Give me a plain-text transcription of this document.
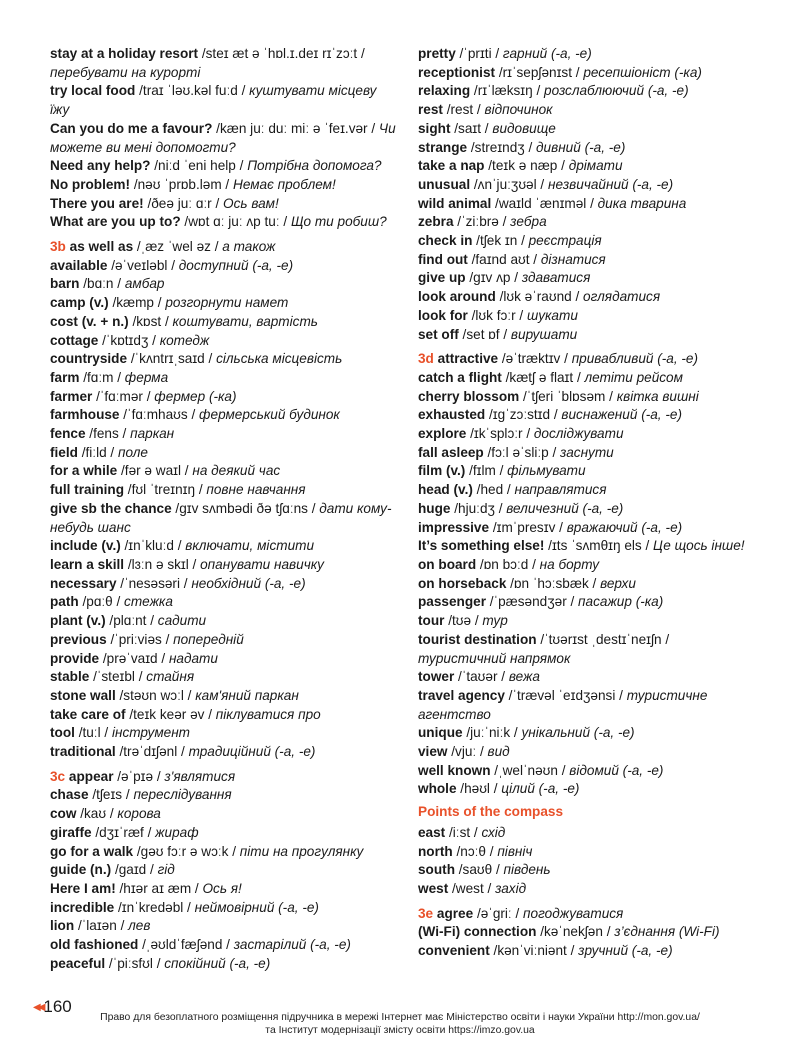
stay at a holiday resort /steɪ æt ə ˈhɒl.ɪ.deɪ rɪˈzɔːt / перебувати на курорті

try local food /traɪ ˈləʊ.kəl fuːd / куштувати місцеву їжу

Can you do me a favour? /kæn juː duː miː ə ˈfeɪ.vər / Чи можете ви мені допомогти?

Need any help? /niːd ˈeni help / Потрібна допомога?

No problem! /nəʊ ˈprɒb.ləm / Немає проблем!

There you are! /ðeə juː ɑːr / Ось вам!

What are you up to? /wɒt ɑː juː ʌp tuː / Що ти робиш?

3b as well as /ˌæz ˈwel əz / а також

available /əˈveɪləbl / доступний (-а, -е)

barn /bɑːn / амбар

camp (v.) /kæmp / розгорнути намет

cost (v. + n.) /kɒst / коштувати, вартість

cottage /ˈkɒtɪdʒ / котедж

countryside /ˈkʌntrɪˌsaɪd / сільська місцевість

farm /fɑːm / ферма

farmer /ˈfɑːmər / фермер (-ка)

farmhouse /ˈfɑːmhaʊs / фермерський будинок

fence /fens / паркан

field /fiːld / поле

for a while /fər ə waɪl / на деякий час

full training /fʊl ˈtreɪnɪŋ / повне навчання

give sb the chance /ɡɪv sʌmbədi ðə tʃɑːns / дати кому-небудь шанс

include (v.) /ɪnˈkluːd / включати, містити

learn a skill /lɜːn ə skɪl / опанувати навичку

necessary /ˈnesəsəri / необхідний (-а, -е)

path /pɑːθ / стежка

plant (v.) /plɑːnt / садити

previous /ˈpriːviəs / попередній

provide /prəˈvaɪd / надати

stable /ˈsteɪbl / стайня

stone wall /stəʊn wɔːl / кам'яний паркан

take care of /teɪk keər əv / піклуватися про

tool /tuːl / інструмент

traditional /trəˈdɪʃənl / традиційний (-а, -е)

3c appear /əˈpɪə / з'являтися

chase /tʃeɪs / переслідування

cow /kaʊ / корова

giraffe /dʒɪˈræf / жираф

go for a walk /ɡəʊ fɔːr ə wɔːk / піти на прогулянку

guide (n.) /ɡaɪd / гід

Here I am! /hɪər aɪ æm / Ось я!

incredible /ɪnˈkredəbl / неймовірний (-а, -е)

lion /ˈlaɪən / лев

old fashioned /ˌəʊldˈfæʃənd / застарілий (-а, -е)

peaceful /ˈpiːsfʊl / спокійний (-а, -е)

pretty /ˈprɪti / гарний (-а, -е)

receptionist /rɪˈsepʃənɪst / ресепшіоніст (-ка)

relaxing /rɪˈlæksɪŋ / розслаблюючий (-а, -е)

rest /rest / відпочинок

sight /saɪt / видовище

strange /streɪndʒ / дивний (-а, -е)

take a nap /teɪk ə næp / дрімати

unusual /ʌnˈjuːʒʊəl / незвичайний (-а, -е)

wild animal /waɪld ˈænɪməl / дика тварина

zebra /ˈziːbrə / зебра

check in /tʃek ɪn / реєстрація

find out /faɪnd aʊt / дізнатися

give up /ɡɪv ʌp / здаватися

look around /lʊk əˈraʊnd / оглядатися

look for /lʊk fɔːr / шукати

set off /set ɒf / вирушати

3d attractive /əˈtræktɪv / привабливий (-а, -е)

catch a flight /kætʃ ə flaɪt / летіти рейсом

cherry blossom /ˈtʃeri ˈblɒsəm / квітка вишні

exhausted /ɪɡˈzɔːstɪd / виснажений (-а, -е)

explore /ɪkˈsplɔːr / досліджувати

fall asleep /fɔːl əˈsliːp / заснути

film (v.) /fɪlm / фільмувати

head (v.) /hed / направлятися

huge /hjuːdʒ / величезний (-а, -е)

impressive /ɪmˈpresɪv / вражаючий (-а, -е)

It’s something else! /ɪts ˈsʌmθɪŋ els / Це щось інше!

on board /ɒn bɔːd / на борту

on horseback /ɒn ˈhɔːsbæk / верхи

passenger /ˈpæsəndʒər / пасажир (-ка)

tour /tʊə / тур

tourist destination /ˈtʊərɪst ˌdestɪˈneɪʃn / туристичний напрямок

tower /ˈtaʊər / вежа

travel agency /ˈtrævəl ˈeɪdʒənsi / туристичне агентство

unique /juːˈniːk / унікальний (-а, -е)

view /vjuː / вид

well known /ˌwelˈnəʊn / відомий (-а, -е)

whole /həʊl / цілий (-а, -е)

Points of the compass

east /iːst / схід

north /nɔːθ / північ

south /saʊθ / південь

west /west / захід

3e agree /əˈɡriː / погоджуватися

(Wi-Fi) connection /kəˈnekʃən / з’єднання (Wi-Fi)

convenient /kənˈviːniənt / зручний (-а, -е)

◀◀ 160
Право для безоплатного розміщення підручника в мережі Інтернет має Міністерство освіти і науки України http://mon.gov.ua/
та Інститут модернізації змісту освіти https://imzo.gov.ua
